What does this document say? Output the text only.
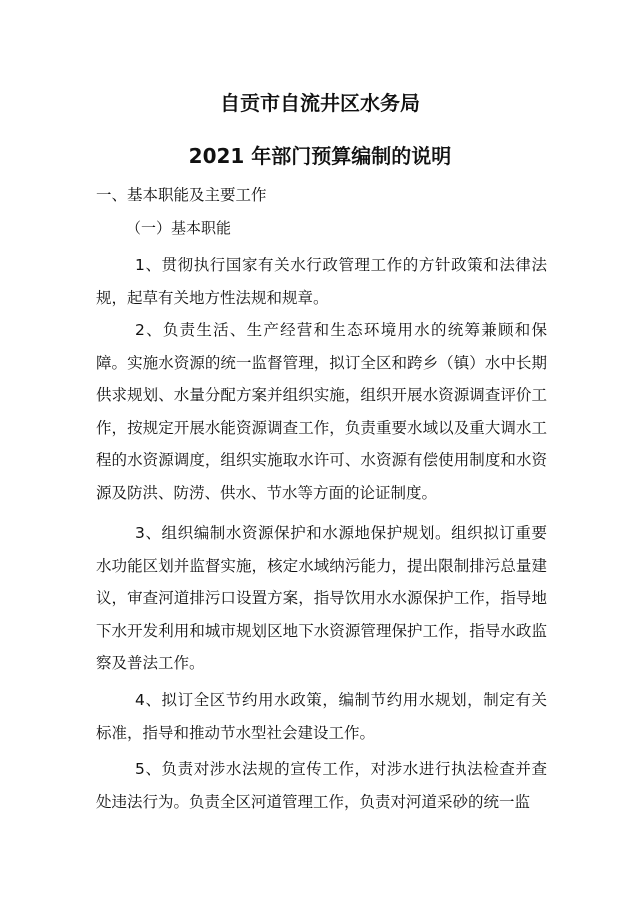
自贡市自流井区水务局
2021 年部门预算编制的说明

一、基本职能及主要工作

（一）基本职能

1、贯彻执行国家有关水行政管理工作的方针政策和法律法规，起草有关地方性法规和规章。

2、负责生活、生产经营和生态环境用水的统筹兼顾和保障。实施水资源的统一监督管理，拟订全区和跨乡（镇）水中长期供求规划、水量分配方案并组织实施，组织开展水资源调查评价工作，按规定开展水能资源调查工作，负责重要水域以及重大调水工程的水资源调度，组织实施取水许可、水资源有偿使用制度和水资源及防洪、防涝、供水、节水等方面的论证制度。

3、组织编制水资源保护和水源地保护规划。组织拟订重要水功能区划并监督实施，核定水域纳污能力，提出限制排污总量建议，审查河道排污口设置方案，指导饮用水水源保护工作，指导地下水开发利用和城市规划区地下水资源管理保护工作，指导水政监察及普法工作。

4、拟订全区节约用水政策，编制节约用水规划，制定有关标准，指导和推动节水型社会建设工作。

5、负责对涉水法规的宣传工作，对涉水进行执法检查并查处违法行为。负责全区河道管理工作，负责对河道采砂的统一监
